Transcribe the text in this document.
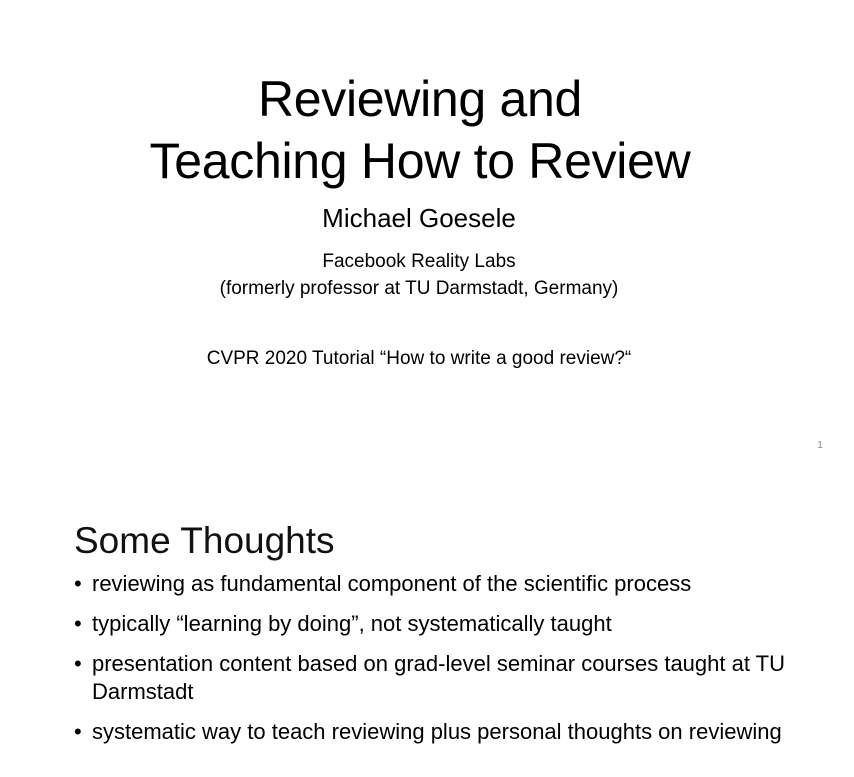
Reviewing and
Teaching How to Review
Michael Goesele
Facebook Reality Labs
(formerly professor at TU Darmstadt, Germany)
CVPR 2020 Tutorial “How to write a good review?“
1
Some Thoughts
• reviewing as fundamental component of the scientific process
• typically “learning by doing”, not systematically taught
• presentation content based on grad-level seminar courses taught at TU Darmstadt
• systematic way to teach reviewing plus personal thoughts on reviewing
